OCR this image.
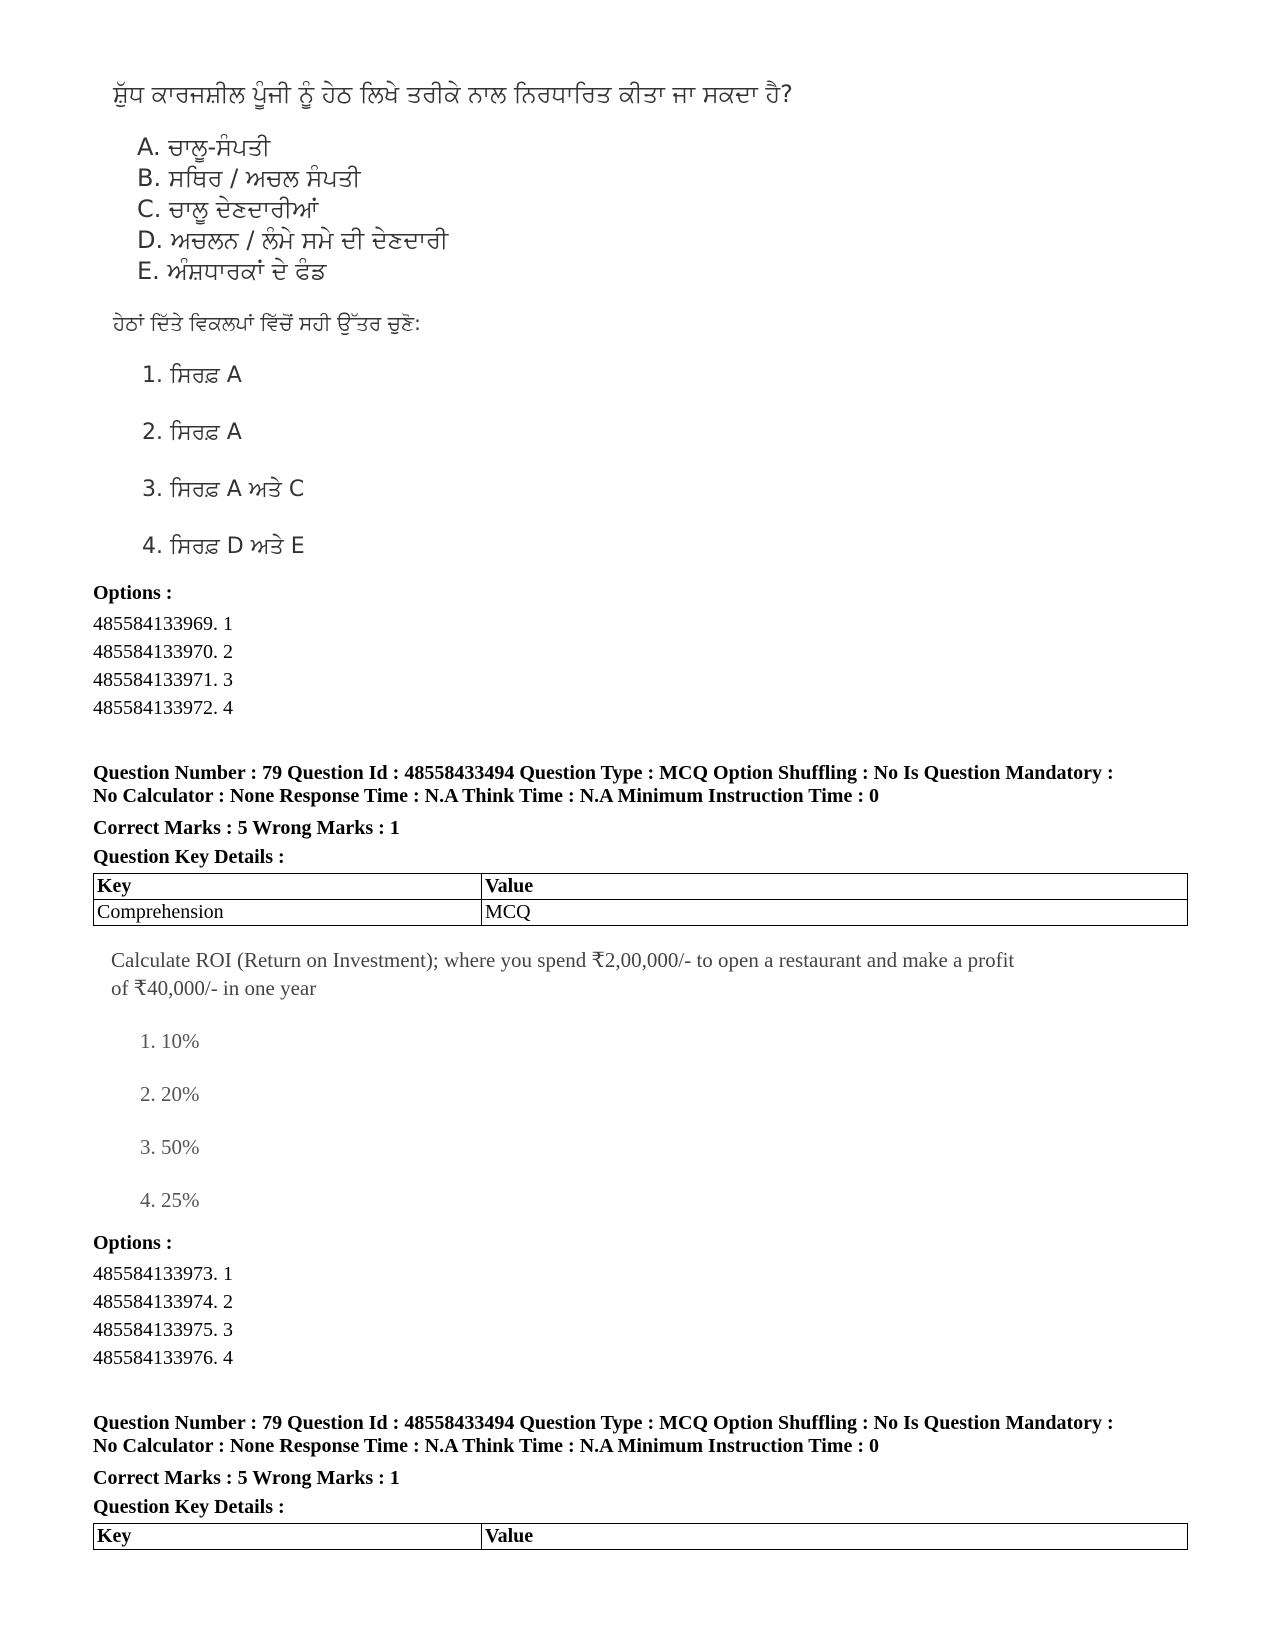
ਸ਼ੁੱਧ ਕਾਰਜਸ਼ੀਲ ਪੂੰਜੀ ਨੂੰ ਹੇਠ ਲਿਖੇ ਤਰੀਕੇ ਨਾਲ ਨਿਰਧਾਰਿਤ ਕੀਤਾ ਜਾ ਸਕਦਾ ਹੈ?
A. ਚਾਲੂ-ਸੰਪਤੀ
B. ਸਥਿਰ / ਅਚਲ ਸੰਪਤੀ
C. ਚਾਲੂ ਦੇਣਦਾਰੀਆਂ
D. ਅਚਲਨ / ਲੰਮੇ ਸਮੇ ਦੀ ਦੇਣਦਾਰੀ
E. ਅੰਸ਼ਧਾਰਕਾਂ ਦੇ ਫੰਡ
ਹੇਠਾਂ ਦਿੱਤੇ ਵਿਕਲਪਾਂ ਵਿੱਚੋਂ ਸਹੀ ਉੱਤਰ ਚੁਣੋ:
1. ਸਿਰਫ਼ A
2. ਸਿਰਫ਼ A
3. ਸਿਰਫ਼ A ਅਤੇ C
4. ਸਿਰਫ਼ D ਅਤੇ E
Options :
485584133969. 1
485584133970. 2
485584133971. 3
485584133972. 4
Question Number : 79 Question Id : 48558433494 Question Type : MCQ Option Shuffling : No Is Question Mandatory :
No Calculator : None Response Time : N.A Think Time : N.A Minimum Instruction Time : 0
Correct Marks : 5 Wrong Marks : 1
Question Key Details :
Key	Value
Comprehension	MCQ
Calculate ROI (Return on Investment); where you spend ₹2,00,000/- to open a restaurant and make a profit
of ₹40,000/- in one year
1. 10%
2. 20%
3. 50%
4. 25%
Options :
485584133973. 1
485584133974. 2
485584133975. 3
485584133976. 4
Question Number : 79 Question Id : 48558433494 Question Type : MCQ Option Shuffling : No Is Question Mandatory :
No Calculator : None Response Time : N.A Think Time : N.A Minimum Instruction Time : 0
Correct Marks : 5 Wrong Marks : 1
Question Key Details :
Key	Value
